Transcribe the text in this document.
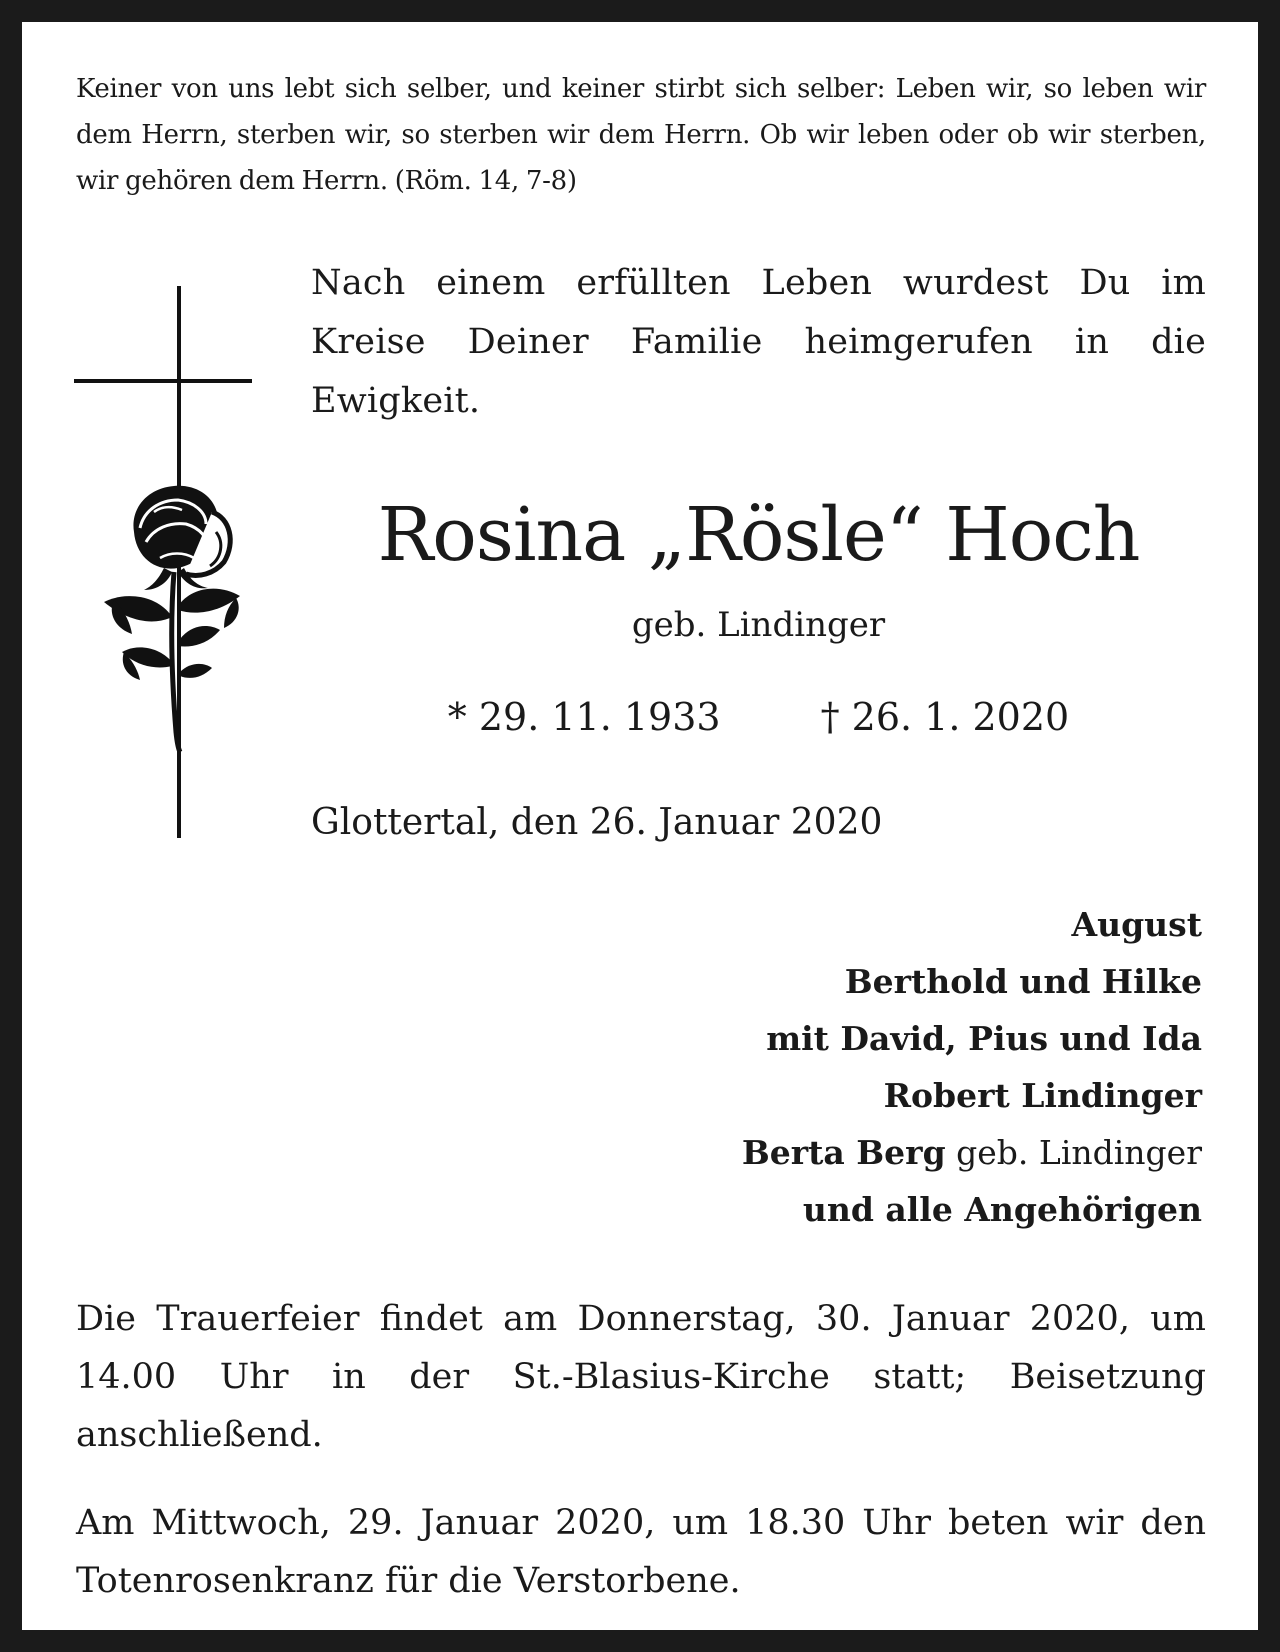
Keiner von uns lebt sich selber, und keiner stirbt sich selber: Leben wir, so leben wir dem Herrn, sterben wir, so sterben wir dem Herrn. Ob wir leben oder ob wir sterben, wir gehören dem Herrn. (Röm. 14, 7-8)
Nach einem erfüllten Leben wurdest Du im Kreise Deiner Familie heimgerufen in die Ewigkeit.
Rosina „Rösle“ Hoch
geb. Lindinger
* 29. 11. 1933	† 26. 1. 2020
Glottertal, den 26. Januar 2020
August
Berthold und Hilke
mit David, Pius und Ida
Robert Lindinger
Berta Berg geb. Lindinger
und alle Angehörigen
Die Trauerfeier findet am Donnerstag, 30. Januar 2020, um 14.00 Uhr in der St.-Blasius-Kirche statt; Beisetzung anschließend.
Am Mittwoch, 29. Januar 2020, um 18.30 Uhr beten wir den Totenrosenkranz für die Verstorbene.
